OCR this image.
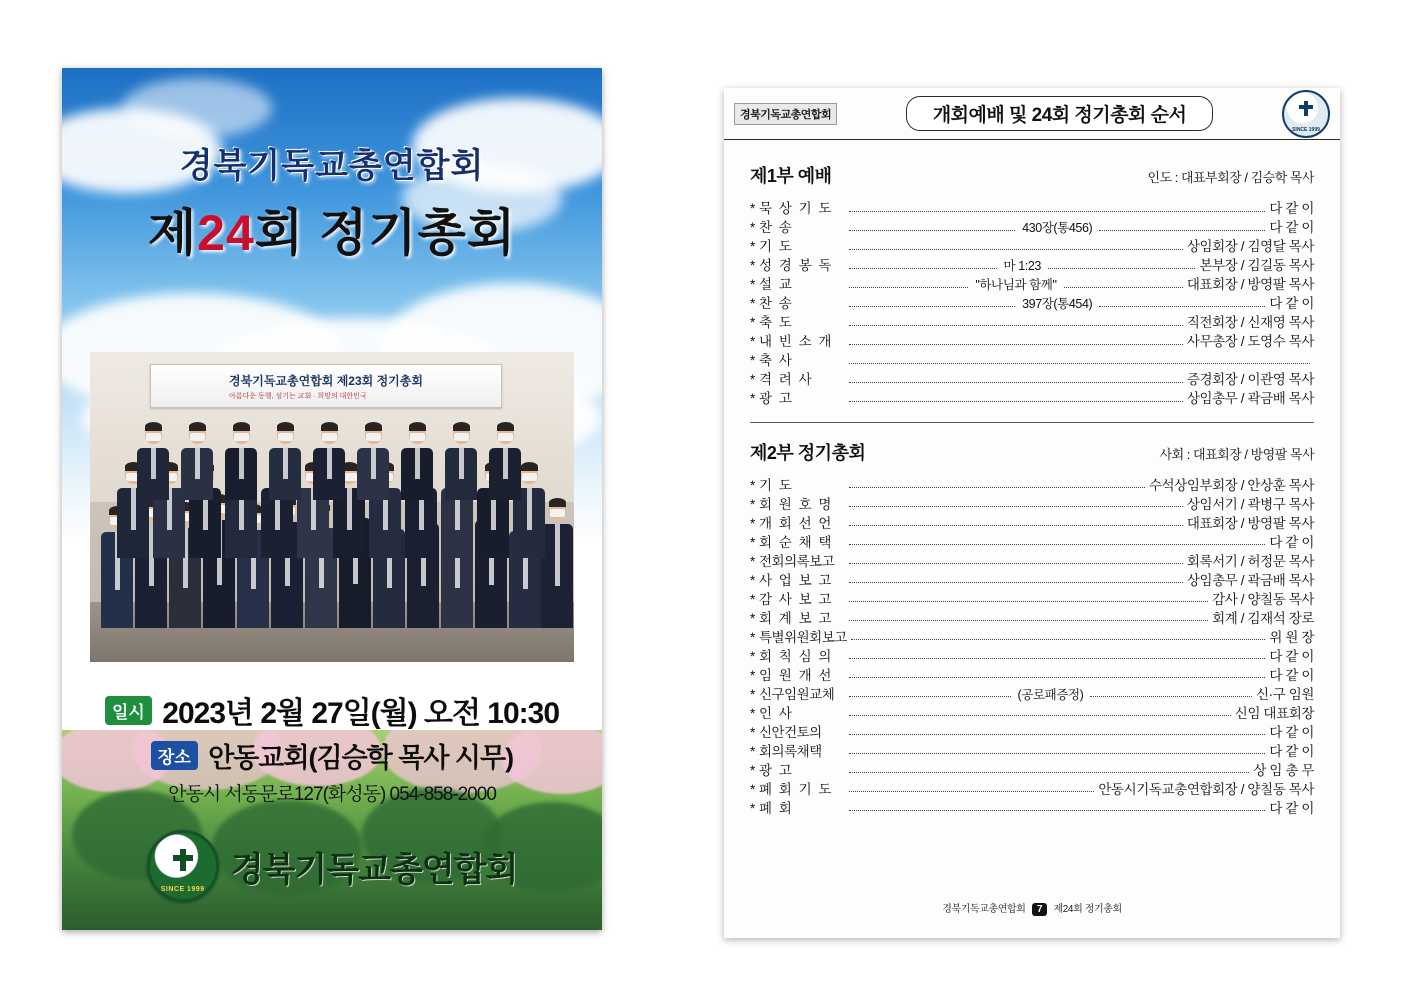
경북기독교총연합회
제24회 정기총회
경북기독교총연합회 제23회 정기총회
아름다운 동행, 섬기는 교회 · 희망의 대한민국
일시 2023년 2월 27일(월) 오전 10:30
장소 안동교회(김승학 목사 시무)
안동시 서동문로127(화성동) 054-858-2000
SINCE 1999
경북기독교총연합회
경북기독교총연합회	개회예배 및 24회 정기총회 순서
SINCE 1999
제1부 예배	인도 : 대표부회장 / 김승학 목사
* 묵 상 기 도	다 같 이
* 찬 송	430장(통456)	다 같 이
* 기 도	상임회장 / 김영달 목사
* 성 경 봉 독	마 1:23	본부장 / 김길동 목사
* 설 교	"하나님과 함께"	대표회장 / 방영팔 목사
* 찬 송	397장(통454)	다 같 이
* 축 도	직전회장 / 신재영 목사
* 내 빈 소 개	사무총장 / 도영수 목사
* 축 사
* 격 려 사	증경회장 / 이관영 목사
* 광 고	상임총무 / 곽금배 목사
제2부 정기총회	사회 : 대표회장 / 방영팔 목사
* 기 도	수석상임부회장 / 안상훈 목사
* 회 원 호 명	상임서기 / 곽병구 목사
* 개 회 선 언	대표회장 / 방영팔 목사
* 회 순 채 택	다 같 이
* 전회의록보고	회록서기 / 허정문 목사
* 사 업 보 고	상임총무 / 곽금배 목사
* 감 사 보 고	감사 / 양칠동 목사
* 회 계 보 고	회계 / 김재석 장로
* 특별위원회보고	위 원 장
* 회 칙 심 의	다 같 이
* 임 원 개 선	다 같 이
* 신구임원교체	(공로패증정)	신·구 임원
* 인 사	신임 대표회장
* 신안건토의	다 같 이
* 회의록채택	다 같 이
* 광 고	상 임 총 무
* 폐 회 기 도	안동시기독교총연합회장 / 양칠동 목사
* 폐 회	다 같 이
경북기독교총연합회 7 제24회 정기총회
